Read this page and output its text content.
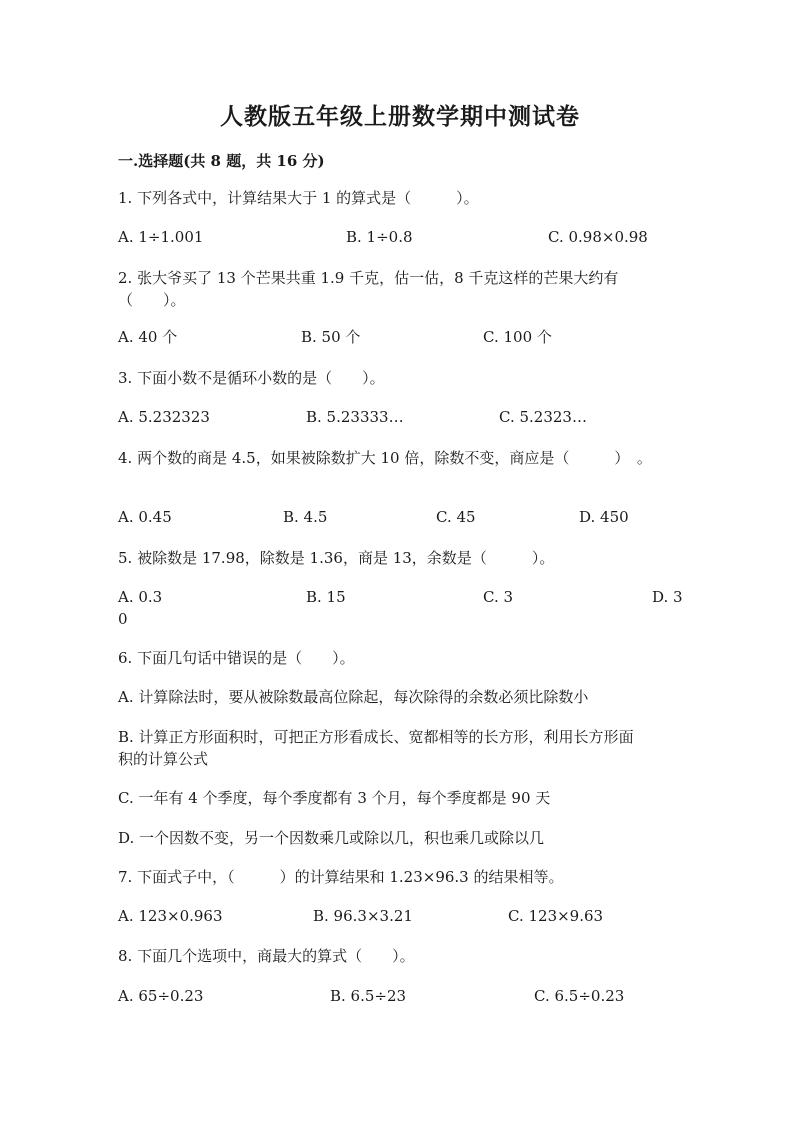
人教版五年级上册数学期中测试卷
一.选择题(共 8 题，共 16 分)
1. 下列各式中，计算结果大于 1 的算式是（　　　）。
A. 1÷1.001	B. 1÷0.8	C. 0.98×0.98
2. 张大爷买了 13 个芒果共重 1.9 千克，估一估，8 千克这样的芒果大约有
（　　）。
A. 40 个	B. 50 个	C. 100 个
3. 下面小数不是循环小数的是（　　）。
A. 5.232323	B. 5.23333…	C. 5.2323…
4. 两个数的商是 4.5，如果被除数扩大 10 倍，除数不变，商应是（　　　）　。
A. 0.45	B. 4.5	C. 45	D. 450
5. 被除数是 17.98，除数是 1.36，商是 13，余数是（　　　）。
A. 0.3	B. 15	C. 3	D. 3
0
6. 下面几句话中错误的是（　　）。
A. 计算除法时，要从被除数最高位除起，每次除得的余数必须比除数小
B. 计算正方形面积时，可把正方形看成长、宽都相等的长方形，利用长方形面
积的计算公式
C. 一年有 4 个季度，每个季度都有 3 个月，每个季度都是 90 天
D. 一个因数不变，另一个因数乘几或除以几，积也乘几或除以几
7. 下面式子中，（　　　）的计算结果和 1.23×96.3 的结果相等。
A. 123×0.963	B. 96.3×3.21	C. 123×9.63
8. 下面几个选项中，商最大的算式（　　）。
A. 65÷0.23	B. 6.5÷23	C. 6.5÷0.23
